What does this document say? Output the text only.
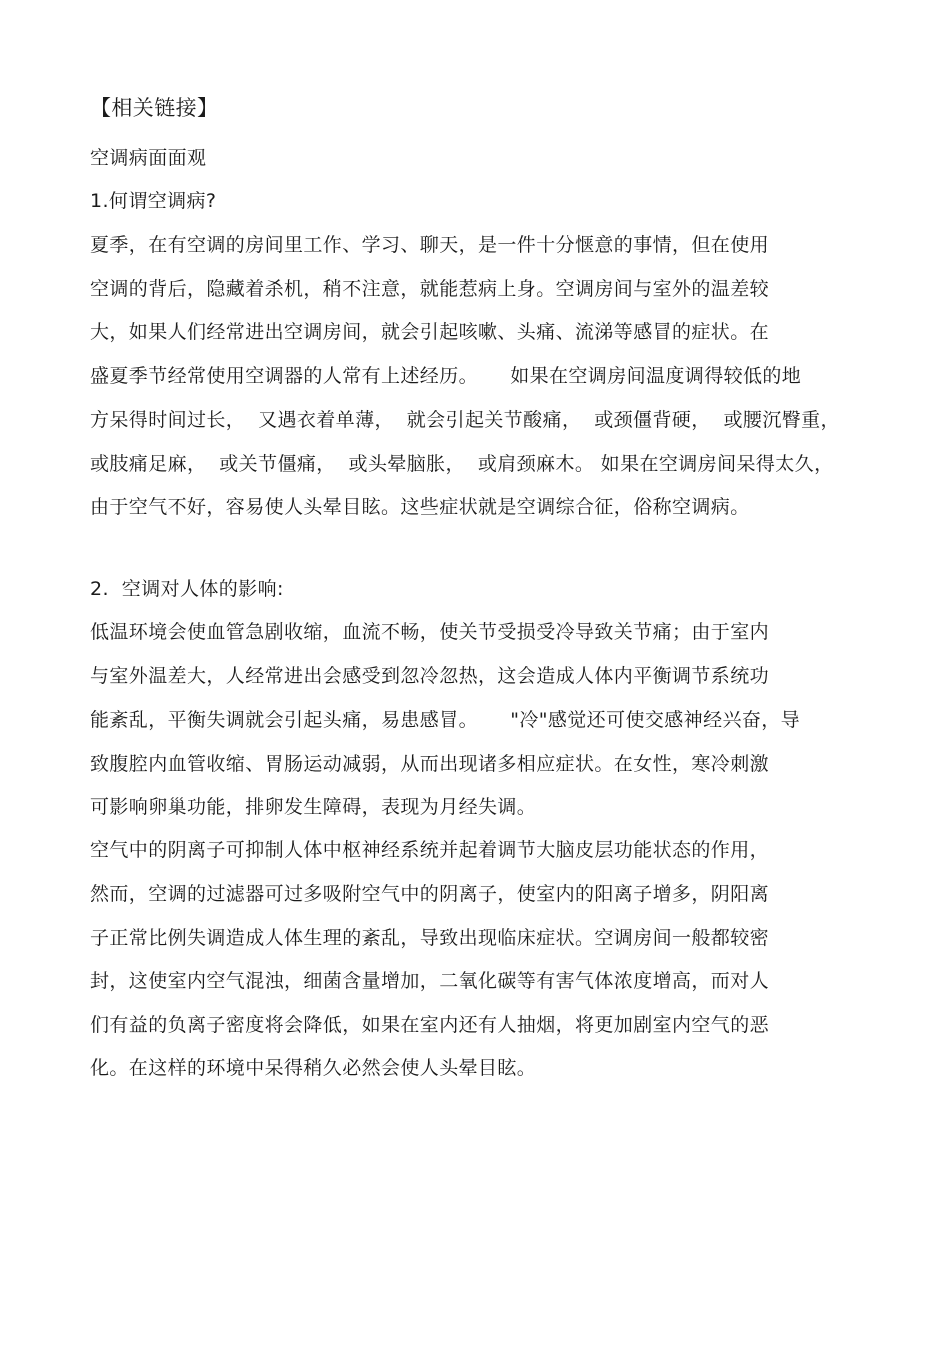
【相关链接】
空调病面面观
1.何谓空调病?
夏季，在有空调的房间里工作、学习、聊天，是一件十分惬意的事情，但在使用
空调的背后，隐藏着杀机，稍不注意，就能惹病上身。空调房间与室外的温差较
大，如果人们经常进出空调房间，就会引起咳嗽、头痛、流涕等感冒的症状。在
盛夏季节经常使用空调器的人常有上述经历。     如果在空调房间温度调得较低的地
方呆得时间过长，  又遇衣着单薄，  就会引起关节酸痛，  或颈僵背硬，  或腰沉臀重，
或肢痛足麻，  或关节僵痛，  或头晕脑胀，  或肩颈麻木。 如果在空调房间呆得太久，
由于空气不好，容易使人头晕目眩。这些症状就是空调综合征，俗称空调病。
2.  空调对人体的影响:
低温环境会使血管急剧收缩，血流不畅，使关节受损受冷导致关节痛；由于室内
与室外温差大，人经常进出会感受到忽冷忽热，这会造成人体内平衡调节系统功
能紊乱，平衡失调就会引起头痛，易患感冒。     "冷"感觉还可使交感神经兴奋，导
致腹腔内血管收缩、胃肠运动减弱，从而出现诸多相应症状。在女性，寒冷刺激
可影响卵巢功能，排卵发生障碍，表现为月经失调。
空气中的阴离子可抑制人体中枢神经系统并起着调节大脑皮层功能状态的作用，
然而，空调的过滤器可过多吸附空气中的阴离子，使室内的阳离子增多，阴阳离
子正常比例失调造成人体生理的紊乱，导致出现临床症状。空调房间一般都较密
封，这使室内空气混浊，细菌含量增加，二氧化碳等有害气体浓度增高，而对人
们有益的负离子密度将会降低，如果在室内还有人抽烟，将更加剧室内空气的恶
化。在这样的环境中呆得稍久必然会使人头晕目眩。
